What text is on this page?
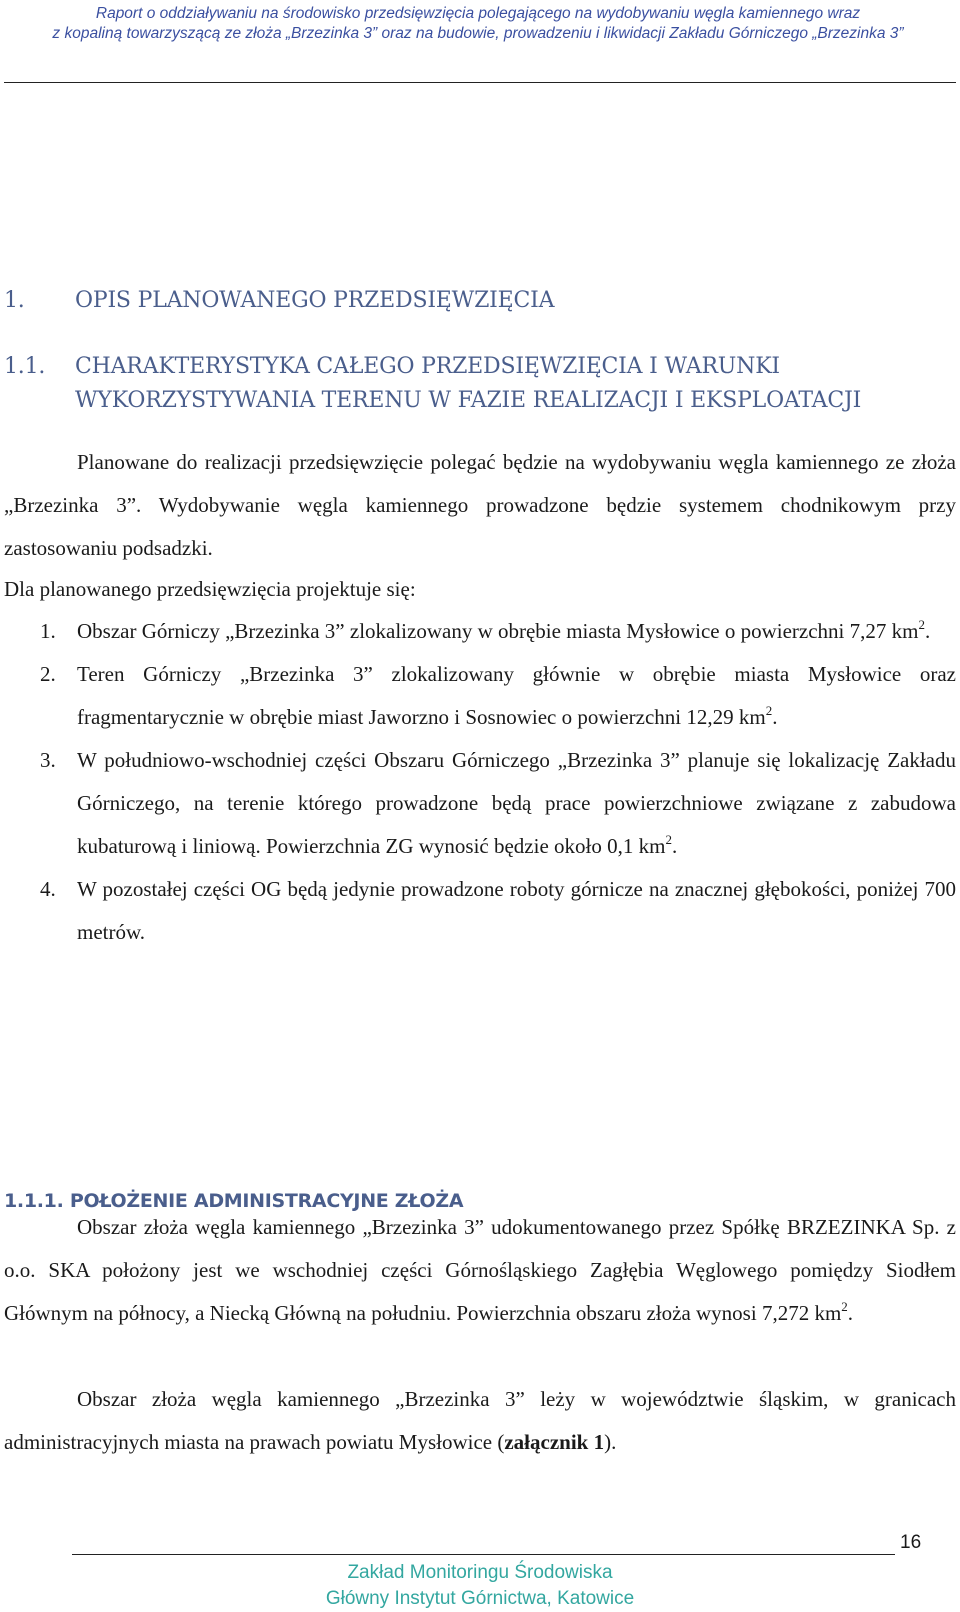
Raport o oddziaływaniu na środowisko przedsięwzięcia polegającego na wydobywaniu węgla kamiennego wraz
z kopaliną towarzyszącą ze złoża „Brzezinka 3” oraz na budowie, prowadzeniu i likwidacji Zakładu Górniczego „Brzezinka 3”
1. OPIS PLANOWANEGO PRZEDSIĘWZIĘCIA
1.1. CHARAKTERYSTYKA CAŁEGO PRZEDSIĘWZIĘCIA I WARUNKI
WYKORZYSTYWANIA TERENU W FAZIE REALIZACJI I EKSPLOATACJI
Planowane do realizacji przedsięwzięcie polegać będzie na wydobywaniu węgla kamiennego ze złoża „Brzezinka 3”. Wydobywanie węgla kamiennego prowadzone będzie systemem chodnikowym przy zastosowaniu podsadzki.
Dla planowanego przedsięwzięcia projektuje się:
1. Obszar Górniczy „Brzezinka 3” zlokalizowany w obrębie miasta Mysłowice o powierzchni 7,27 $km^2$.
2. Teren Górniczy „Brzezinka 3” zlokalizowany głównie w obrębie miasta Mysłowice oraz fragmentarycznie w obrębie miast Jaworzno i Sosnowiec o powierzchni 12,29 $km^2$.
3. W południowo-wschodniej części Obszaru Górniczego „Brzezinka 3” planuje się lokalizację Zakładu Górniczego, na terenie którego prowadzone będą prace powierzchniowe związane z zabudowa kubaturową i liniową. Powierzchnia ZG wynosić będzie około 0,1 $km^2$.
4. W pozostałej części OG będą jedynie prowadzone roboty górnicze na znacznej głębokości, poniżej 700 metrów.
1.1.1. POŁOŻENIE ADMINISTRACYJNE ZŁOŻA
Obszar złoża węgla kamiennego „Brzezinka 3” udokumentowanego przez Spółkę BRZEZINKA Sp. z o.o. SKA położony jest we wschodniej części Górnośląskiego Zagłębia Węglowego pomiędzy Siodłem Głównym na północy, a Niecką Główną na południu. Powierzchnia obszaru złoża wynosi 7,272 $km^2$.
Obszar złoża węgla kamiennego „Brzezinka 3” leży w województwie śląskim, w granicach administracyjnych miasta na prawach powiatu Mysłowice (załącznik 1).
16
Zakład Monitoringu Środowiska
Główny Instytut Górnictwa, Katowice
